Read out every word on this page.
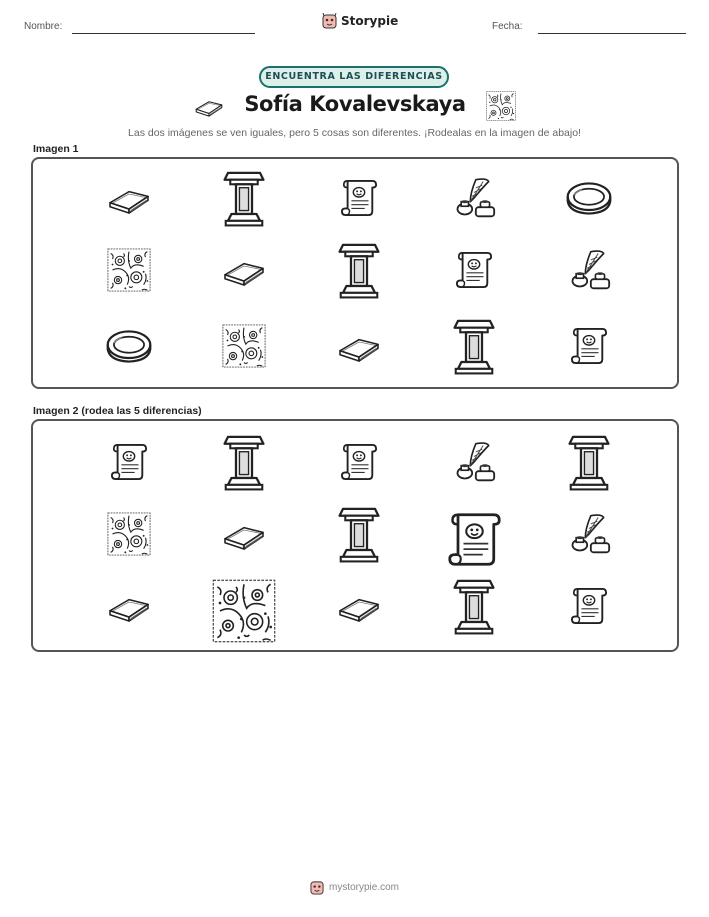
Nombre:	Storypie	Fecha:
ENCUENTRA LAS DIFERENCIAS
Sofía Kovalevskaya
Las dos imágenes se ven iguales, pero 5 cosas son diferentes. ¡Rodealas en la imagen de abajo!
Imagen 1
Imagen 2 (rodea las 5 diferencias)
mystorypie.com
